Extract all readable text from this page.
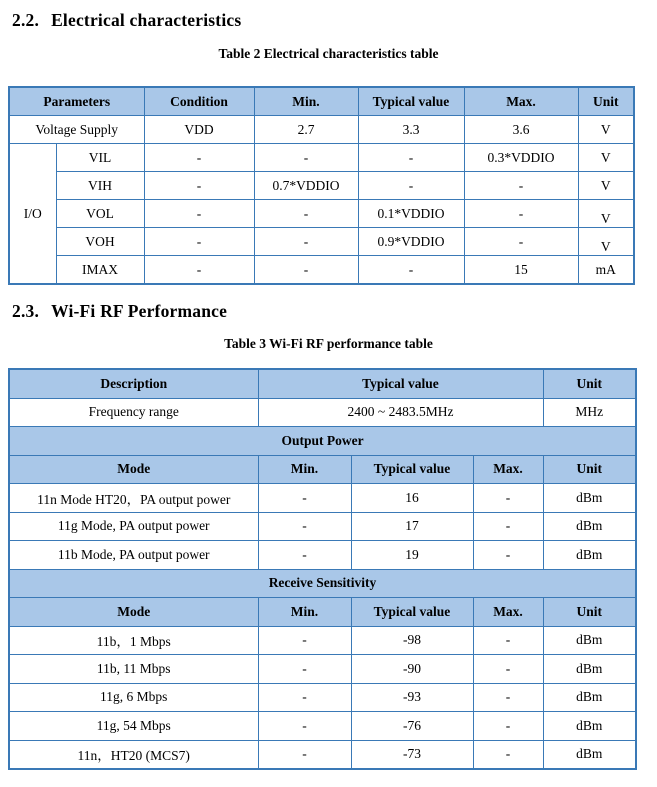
2.2. Electrical characteristics

Table 2 Electrical characteristics table

Parameters		Condition	Min.	Typical value	Max.	Unit
Voltage Supply		VDD	2.7	3.3	3.6	V
I/O	VIL	-	-	-	0.3*VDDIO	V
	VIH	-	0.7*VDDIO	-	-	V
	VOL	-	-	0.1*VDDIO	-	V
	VOH	-	-	0.9*VDDIO	-	V
	IMAX	-	-	-	15	mA
2.3. Wi-Fi RF Performance

Table 3 Wi-Fi RF performance table

Description	Typical value			Unit
Frequency range	2400 ~ 2483.5MHz			MHz
Output Power				
Mode	Min.	Typical value	Max.	Unit
11n Mode HT20，PA output power	-	16	-	dBm
11g Mode, PA output power	-	17	-	dBm
11b Mode, PA output power	-	19	-	dBm
Receive Sensitivity				
Mode	Min.	Typical value	Max.	Unit
11b，1 Mbps	-	-98	-	dBm
11b, 11 Mbps	-	-90	-	dBm
11g, 6 Mbps	-	-93	-	dBm
11g, 54 Mbps	-	-76	-	dBm
11n，HT20 (MCS7)	-	-73	-	dBm
